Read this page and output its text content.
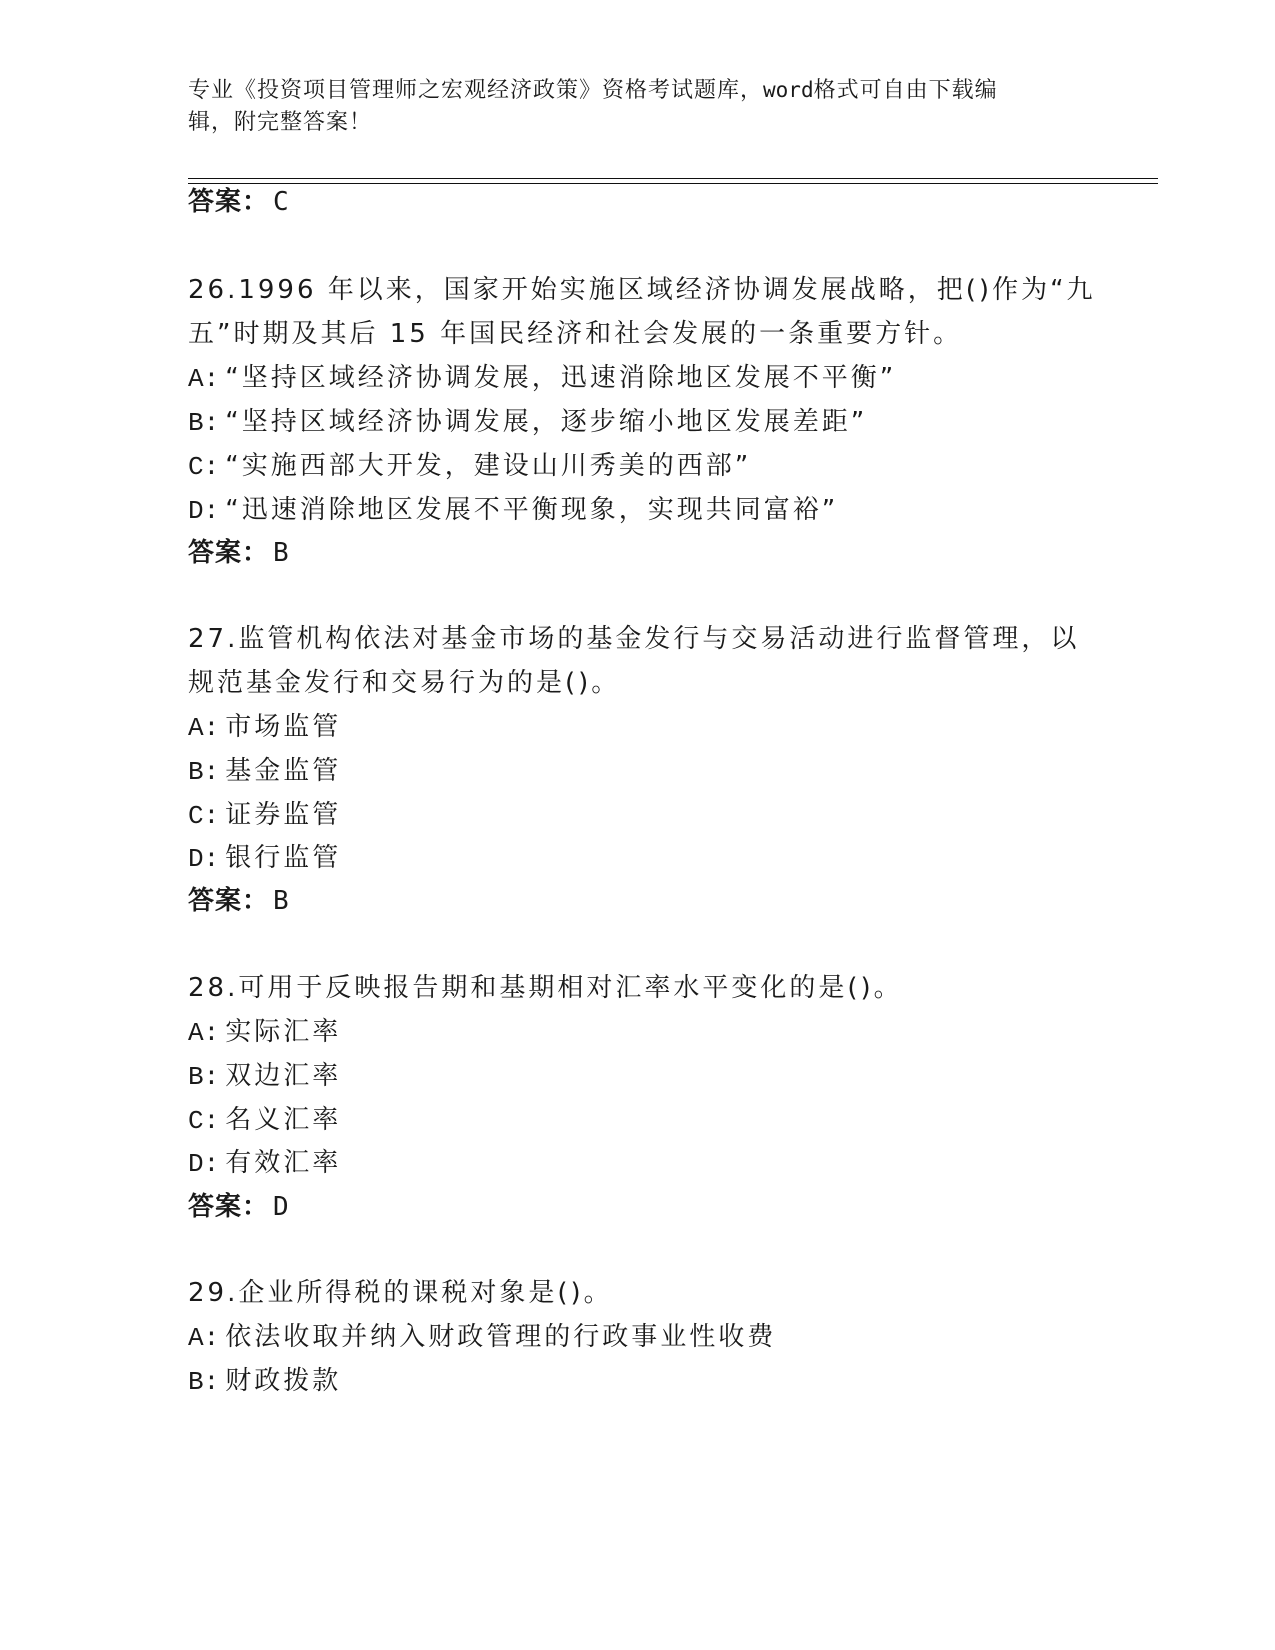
专业《投资项目管理师之宏观经济政策》资格考试题库，word格式可自由下载编
辑，附完整答案！
答案： C
26.1996 年以来，国家开始实施区域经济协调发展战略，把()作为“九
五”时期及其后 15 年国民经济和社会发展的一条重要方针。
A: “坚持区域经济协调发展，迅速消除地区发展不平衡”
B: “坚持区域经济协调发展，逐步缩小地区发展差距”
C: “实施西部大开发，建设山川秀美的西部”
D: “迅速消除地区发展不平衡现象，实现共同富裕”
答案： B
27.监管机构依法对基金市场的基金发行与交易活动进行监督管理，以
规范基金发行和交易行为的是()。
A: 市场监管
B: 基金监管
C: 证券监管
D: 银行监管
答案： B
28.可用于反映报告期和基期相对汇率水平变化的是()。
A: 实际汇率
B: 双边汇率
C: 名义汇率
D: 有效汇率
答案： D
29.企业所得税的课税对象是()。
A: 依法收取并纳入财政管理的行政事业性收费
B: 财政拨款
